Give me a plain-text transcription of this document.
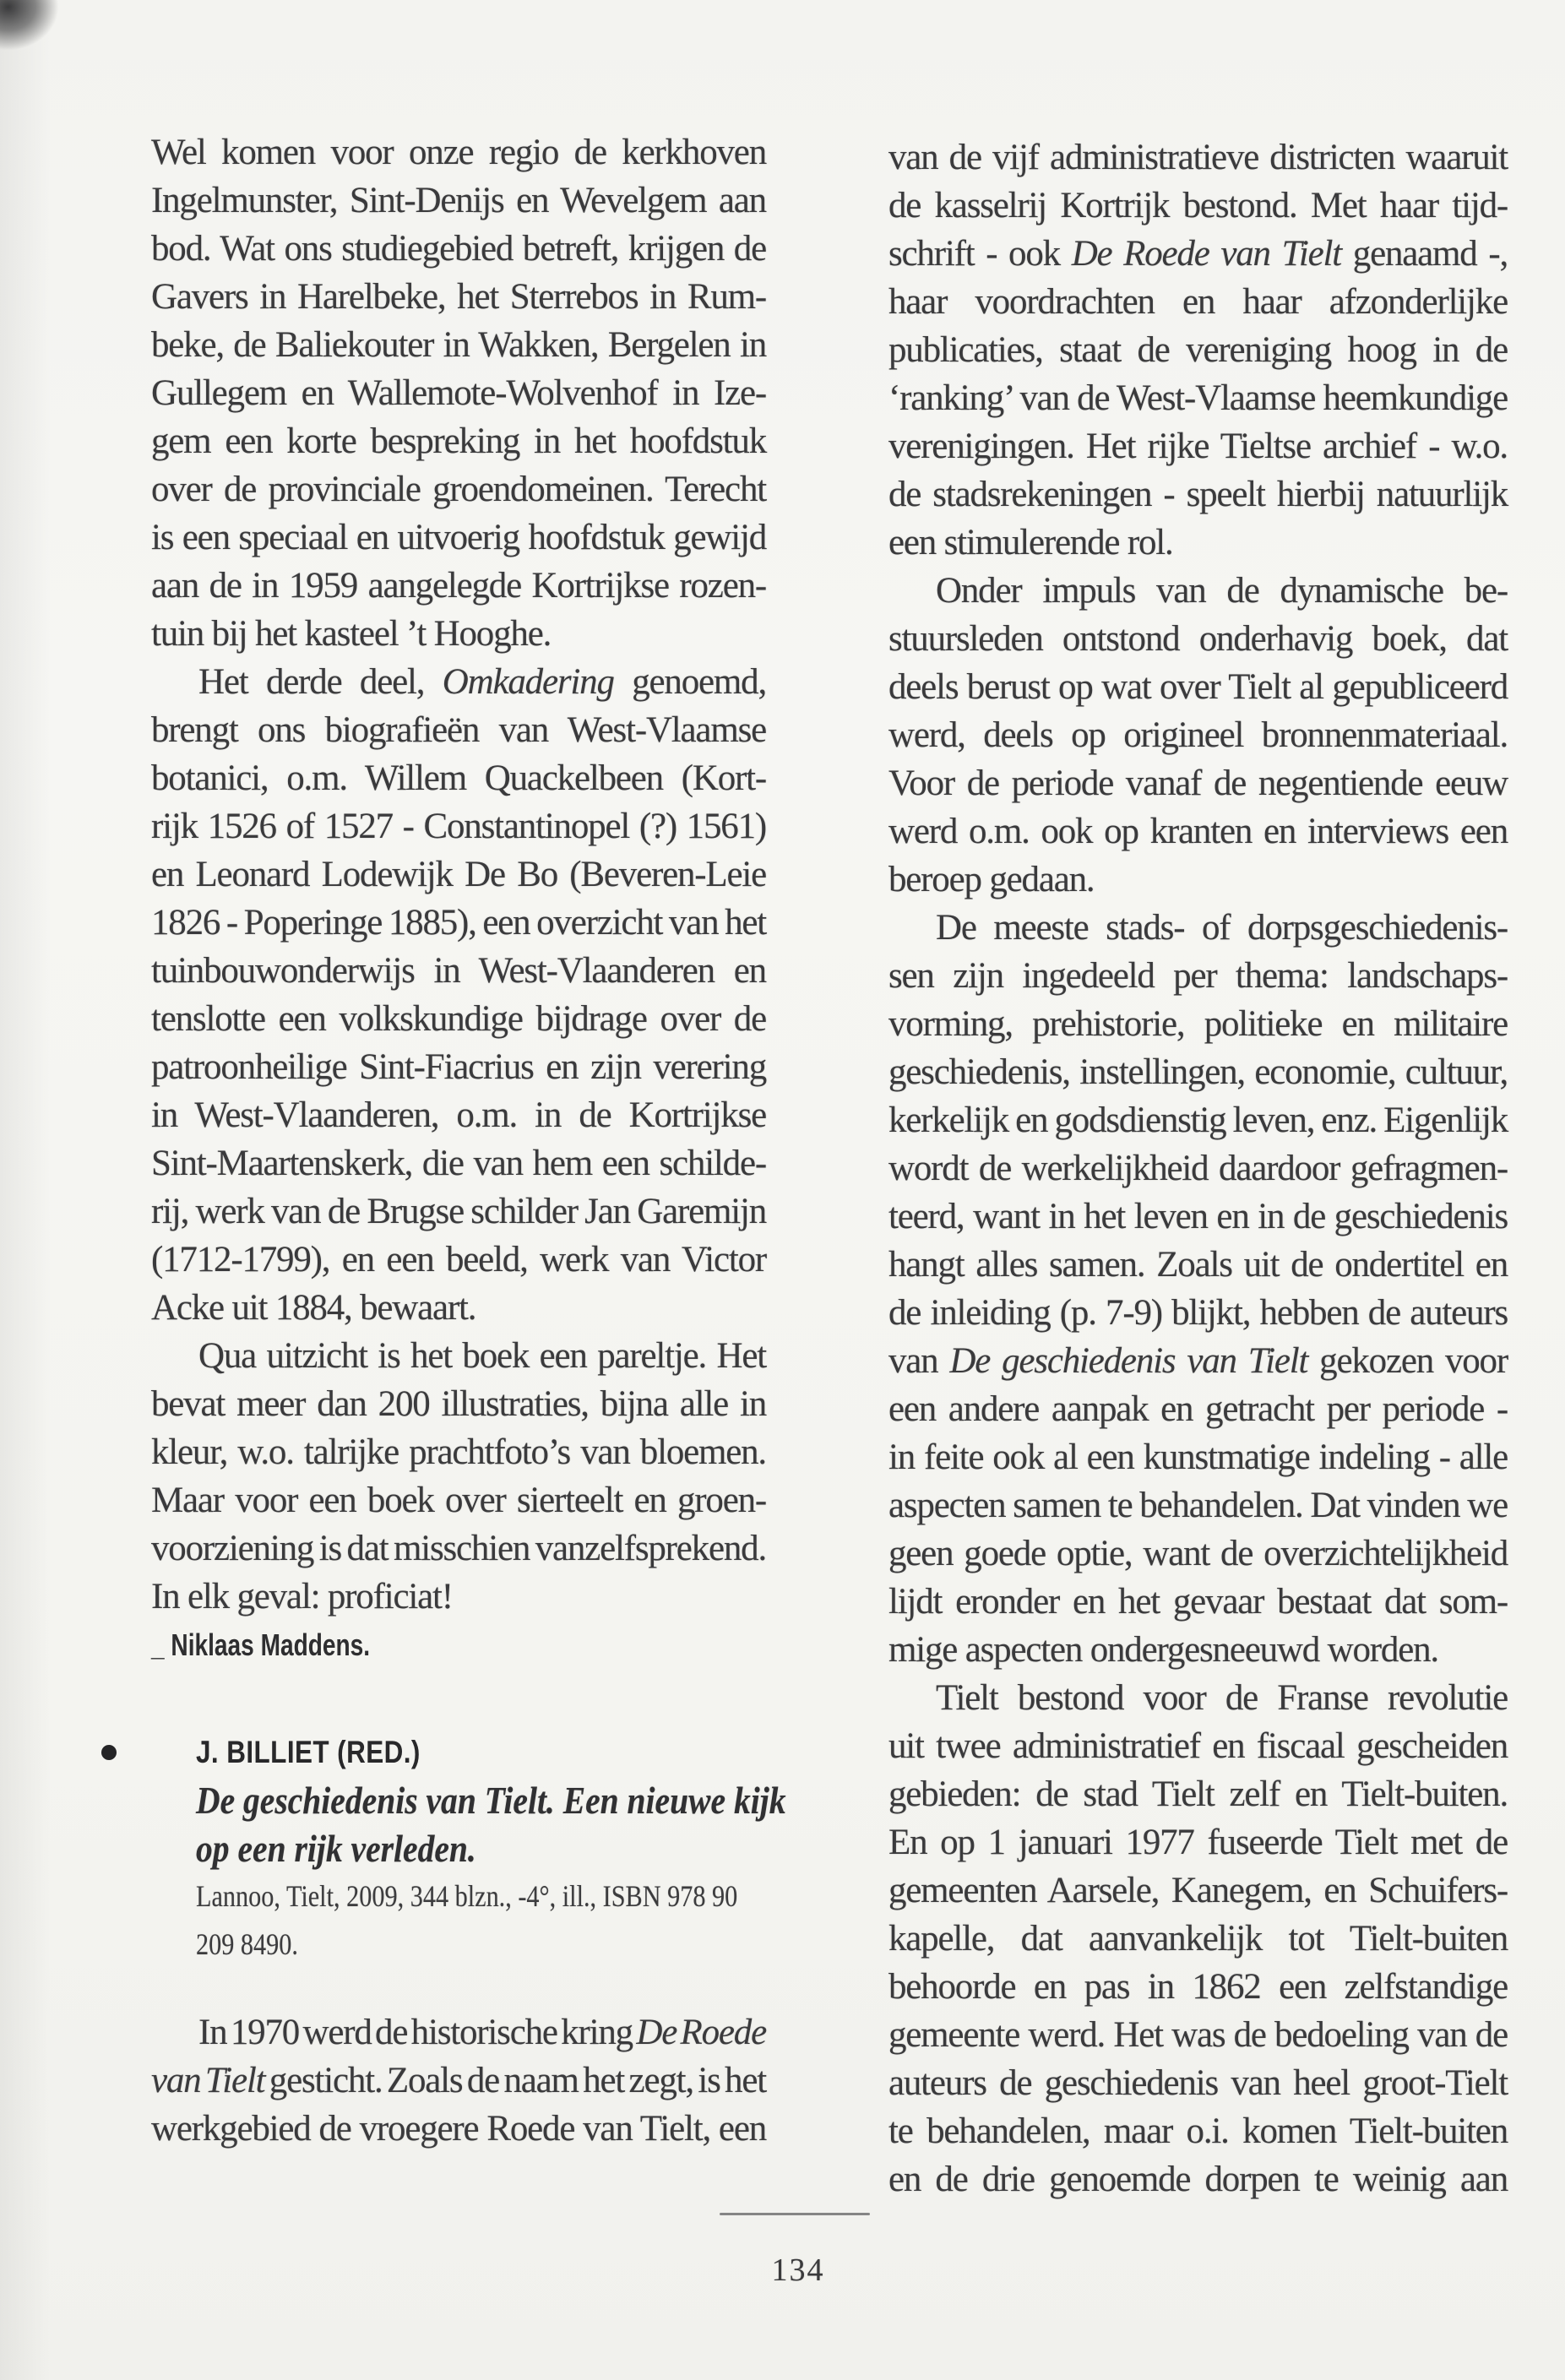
Wel komen voor onze regio de kerkhoven
Ingelmunster, Sint-Denijs en Wevelgem aan
bod. Wat ons studiegebied betreft, krijgen de
Gavers in Harelbeke, het Sterrebos in Rum-
beke, de Baliekouter in Wakken, Bergelen in
Gullegem en Wallemote-Wolvenhof in Ize-
gem een korte bespreking in het hoofdstuk
over de provinciale groendomeinen. Terecht
is een speciaal en uitvoerig hoofdstuk gewijd
aan de in 1959 aangelegde Kortrijkse rozen-
tuin bij het kasteel ’t Hooghe.
Het derde deel, Omkadering genoemd,
brengt ons biografieën van West-Vlaamse
botanici, o.m. Willem Quackelbeen (Kort-
rijk 1526 of 1527 - Constantinopel (?) 1561)
en Leonard Lodewijk De Bo (Beveren-Leie
1826 - Poperinge 1885), een overzicht van het
tuinbouwonderwijs in West-Vlaanderen en
tenslotte een volkskundige bijdrage over de
patroonheilige Sint-Fiacrius en zijn verering
in West-Vlaanderen, o.m. in de Kortrijkse
Sint-Maartenskerk, die van hem een schilde-
rij, werk van de Brugse schilder Jan Garemijn
(1712-1799), en een beeld, werk van Victor
Acke uit 1884, bewaart.
Qua uitzicht is het boek een pareltje. Het
bevat meer dan 200 illustraties, bijna alle in
kleur, w.o. talrijke prachtfoto’s van bloemen.
Maar voor een boek over sierteelt en groen-
voorziening is dat misschien vanzelfsprekend.
In elk geval: proficiat!
_ Niklaas Maddens.
J. BILLIET (RED.)
De geschiedenis van Tielt. Een nieuwe kijk
op een rijk verleden.
Lannoo, Tielt, 2009, 344 blzn., -4°, ill., ISBN 978 90
209 8490.
In 1970 werd de historische kring De Roede
van Tielt gesticht. Zoals de naam het zegt, is het
werkgebied de vroegere Roede van Tielt, een
van de vijf administratieve districten waaruit
de kasselrij Kortrijk bestond. Met haar tijd-
schrift - ook De Roede van Tielt genaamd -,
haar voordrachten en haar afzonderlijke
publicaties, staat de vereniging hoog in de
‘ranking’ van de West-Vlaamse heemkundige
verenigingen. Het rijke Tieltse archief - w.o.
de stadsrekeningen - speelt hierbij natuurlijk
een stimulerende rol.
Onder impuls van de dynamische be-
stuursleden ontstond onderhavig boek, dat
deels berust op wat over Tielt al gepubliceerd
werd, deels op origineel bronnenmateriaal.
Voor de periode vanaf de negentiende eeuw
werd o.m. ook op kranten en interviews een
beroep gedaan.
De meeste stads- of dorpsgeschiedenis-
sen zijn ingedeeld per thema: landschaps-
vorming, prehistorie, politieke en militaire
geschiedenis, instellingen, economie, cultuur,
kerkelijk en godsdienstig leven, enz. Eigenlijk
wordt de werkelijkheid daardoor gefragmen-
teerd, want in het leven en in de geschiedenis
hangt alles samen. Zoals uit de ondertitel en
de inleiding (p. 7-9) blijkt, hebben de auteurs
van De geschiedenis van Tielt gekozen voor
een andere aanpak en getracht per periode -
in feite ook al een kunstmatige indeling - alle
aspecten samen te behandelen. Dat vinden we
geen goede optie, want de overzichtelijkheid
lijdt eronder en het gevaar bestaat dat som-
mige aspecten ondergesneeuwd worden.
Tielt bestond voor de Franse revolutie
uit twee administratief en fiscaal gescheiden
gebieden: de stad Tielt zelf en Tielt-buiten.
En op 1 januari 1977 fuseerde Tielt met de
gemeenten Aarsele, Kanegem, en Schuifers-
kapelle, dat aanvankelijk tot Tielt-buiten
behoorde en pas in 1862 een zelfstandige
gemeente werd. Het was de bedoeling van de
auteurs de geschiedenis van heel groot-Tielt
te behandelen, maar o.i. komen Tielt-buiten
en de drie genoemde dorpen te weinig aan
134
